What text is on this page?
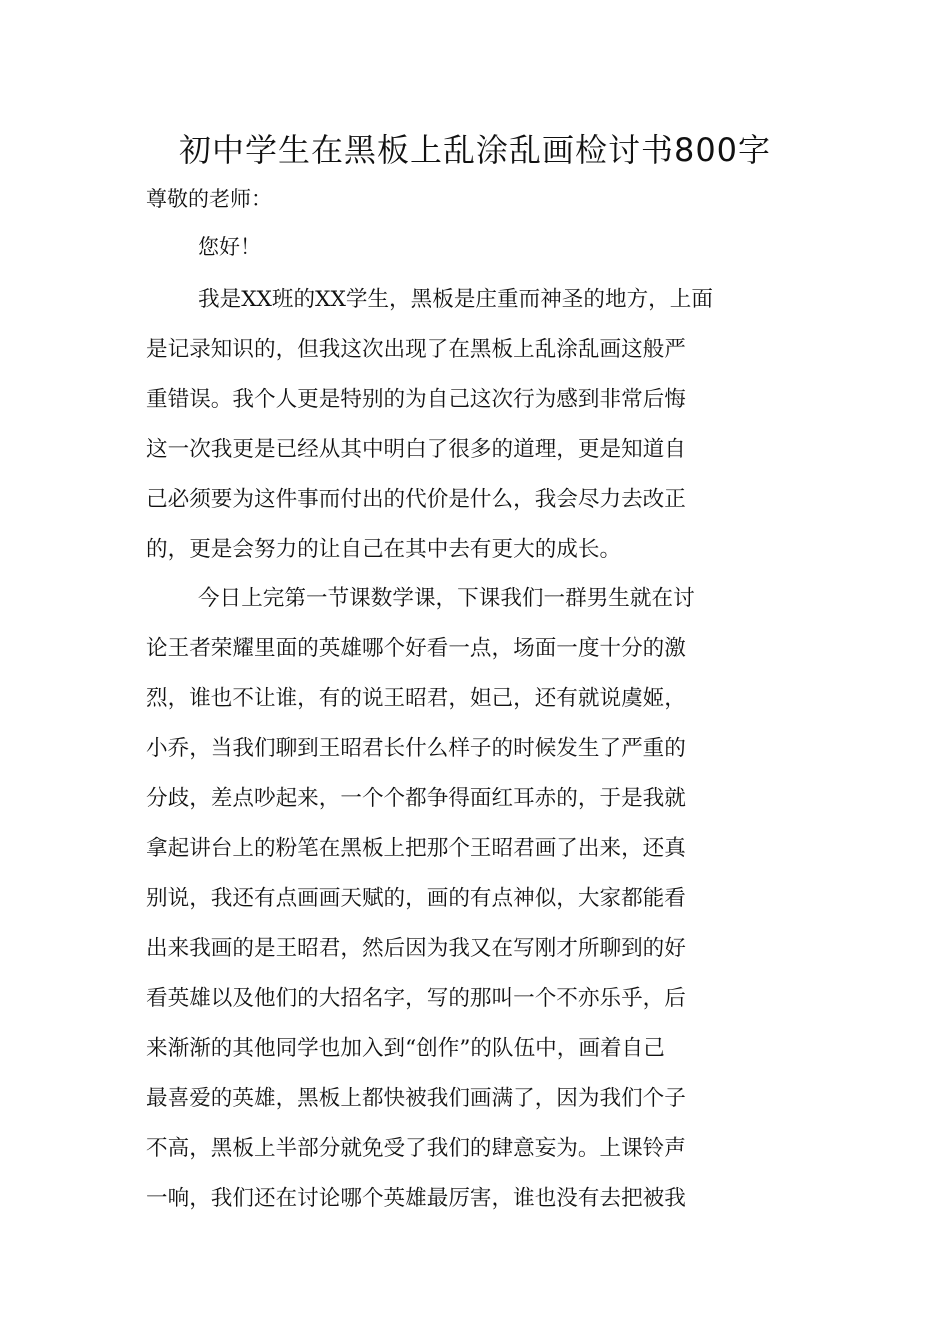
初中学生在黑板上乱涂乱画检讨书800字
尊敬的老师：
您好！
我是XX班的XX学生，黑板是庄重而神圣的地方，上面
是记录知识的，但我这次出现了在黑板上乱涂乱画这般严
重错误。我个人更是特别的为自己这次行为感到非常后悔
这一次我更是已经从其中明白了很多的道理，更是知道自
己必须要为这件事而付出的代价是什么，我会尽力去改正
的，更是会努力的让自己在其中去有更大的成长。
今日上完第一节课数学课，下课我们一群男生就在讨
论王者荣耀里面的英雄哪个好看一点，场面一度十分的激
烈，谁也不让谁，有的说王昭君，妲己，还有就说虞姬，
小乔，当我们聊到王昭君长什么样子的时候发生了严重的
分歧，差点吵起来，一个个都争得面红耳赤的，于是我就
拿起讲台上的粉笔在黑板上把那个王昭君画了出来，还真
别说，我还有点画画天赋的，画的有点神似，大家都能看
出来我画的是王昭君，然后因为我又在写刚才所聊到的好
看英雄以及他们的大招名字，写的那叫一个不亦乐乎，后
来渐渐的其他同学也加入到“创作”的队伍中，画着自己
最喜爱的英雄，黑板上都快被我们画满了，因为我们个子
不高，黑板上半部分就免受了我们的肆意妄为。上课铃声
一响，我们还在讨论哪个英雄最厉害，谁也没有去把被我
